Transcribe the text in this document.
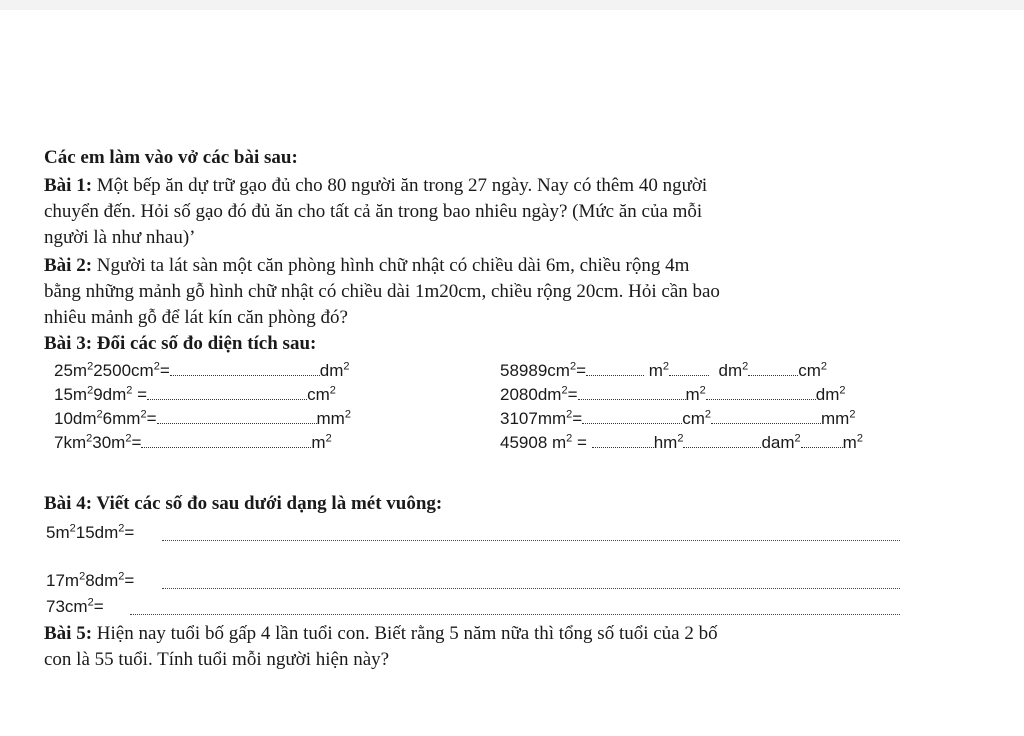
Các em làm vào vở các bài sau:
Bài 1: Một bếp ăn dự trữ gạo đủ cho 80 người ăn trong 27 ngày. Nay có thêm 40 người
chuyển đến. Hỏi số gạo đó đủ ăn cho tất cả ăn trong bao nhiêu ngày? (Mức ăn của mỗi
người là như nhau)’
Bài 2: Người ta lát sàn một căn phòng hình chữ nhật có chiều dài 6m, chiều rộng 4m
bằng những mảnh gỗ hình chữ nhật có chiều dài 1m20cm, chiều rộng 20cm. Hỏi cần bao
nhiêu mảnh gỗ để lát kín căn phòng đó?
Bài 3: Đổi các số đo diện tích sau:
$25m^22500cm^2=$	$dm^2$
$15m^29dm^2$ =	$cm^2$
$10dm^26mm^2=$	$mm^2$
$7km^230m^2=$	$m^2$
$58989cm^2=$	$m^2$	$dm^2$	$cm^2$
$2080dm^2=$	$m^2$	$dm^2$
$3107mm^2=$	$cm^2$	$mm^2$
45908 $m^2$ =	$hm^2$	dam$^2$ $m^2$
Bài 4: Viết các số đo sau dưới dạng là mét vuông:
$5m^215dm^2=$
$17m^28dm^2=$
$73cm^2=$
Bài 5: Hiện nay tuổi bố gấp 4 lần tuổi con. Biết rằng 5 năm nữa thì tổng số tuổi của 2 bố
con là 55 tuổi. Tính tuổi mỗi người hiện này?
